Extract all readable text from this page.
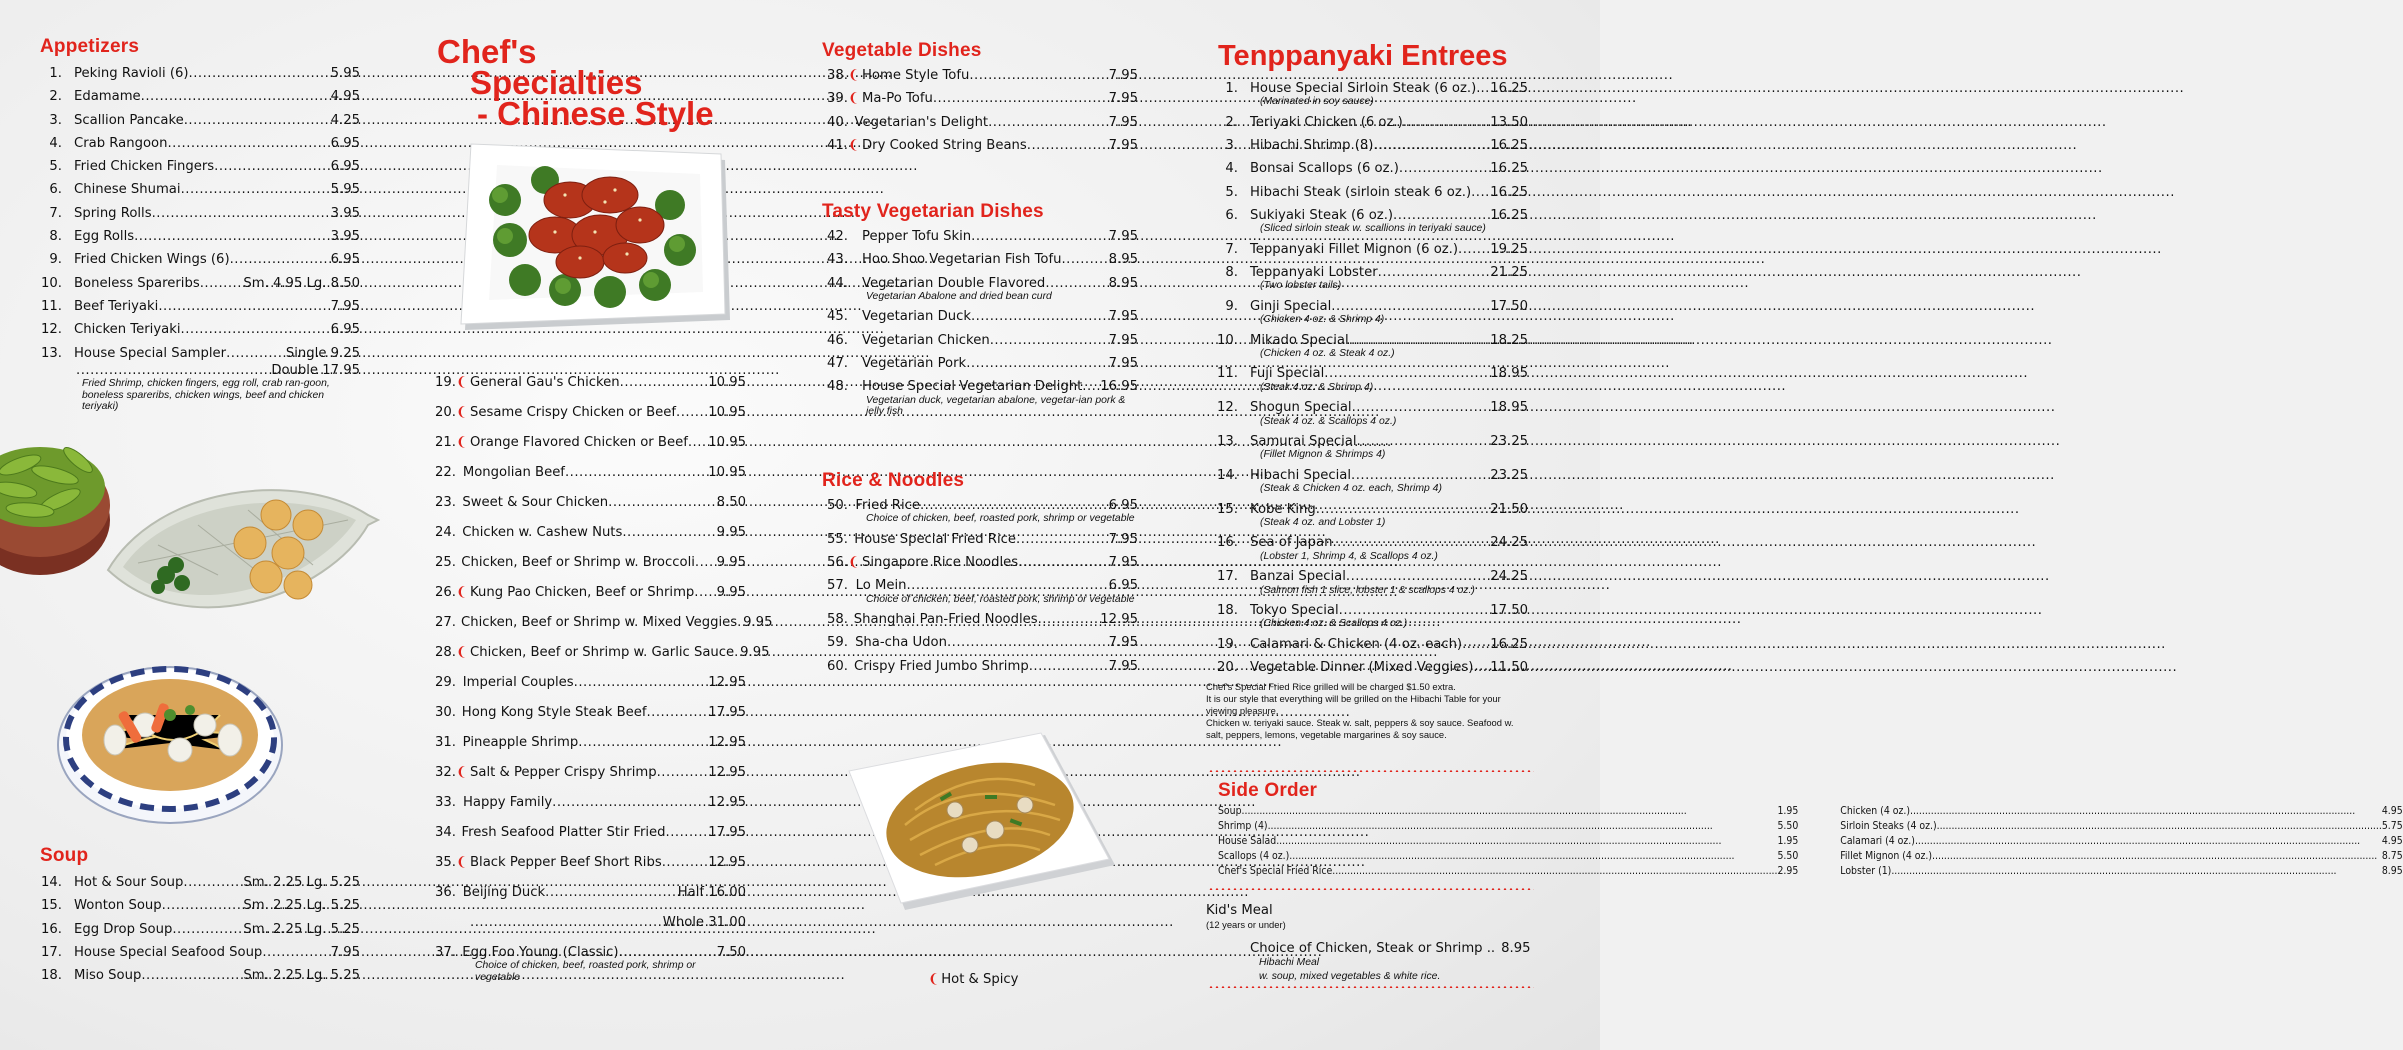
Appetizers
1. Peking Ravioli (6) .....	5.95
2. Edamame .....	4.95
3. Scallion Pancake .....	4.25
4. Crab Rangoon .....	6.95
5. Fried Chicken Fingers .....	6.95
6. Chinese Shumai .....	5.95
7. Spring Rolls .....	3.95
8. Egg Rolls .....	3.95
9. Fried Chicken Wings (6) .....	6.95
10. Boneless Spareribs .....	Sm. 4.95 Lg. 8.50
11. Beef Teriyaki .....	7.95
12. Chicken Teriyaki .....	6.95
13. House Special Sampler .....	Single 9.25
.....
Double 17.95
Fried Shrimp, chicken fingers, egg roll, crab ran-goon, boneless spareribs, chicken wings, beef and chicken teriyaki)
Soup
14. Hot & Sour Soup .....	Sm. 2.25 Lg. 5.25
15. Wonton Soup .....	Sm. 2.25 Lg. 5.25
16. Egg Drop Soup .....	Sm. 2.25 Lg. 5.25
17. House Special Seafood Soup .....	7.95
18. Miso Soup .....	Sm. 2.25 Lg. 5.25
Chef's
Specialties
- Chinese Style
19. ❨ General Gau's Chicken .....	10.95
20. ❨ Sesame Crispy Chicken or Beef ..... 10.95
21. ❨ Orange Flavored Chicken or Beef ..... 10.95
22. Mongolian Beef .....	10.95
23. Sweet & Sour Chicken .....	8.50
24. Chicken w. Cashew Nuts .....	9.95
25. Chicken, Beef or Shrimp w. Broccoli ..... 9.95
26. ❨ Kung Pao Chicken, Beef or Shrimp ..... 9.95
27. Chicken, Beef or Shrimp w. Mixed Veggies ..... 9.95
28. ❨ Chicken, Beef or Shrimp w. Garlic Sauce ..... 9.95
29. Imperial Couples .....	12.95
30. Hong Kong Style Steak Beef .....	17.95
31. Pineapple Shrimp .....	12.95
32. ❨ Salt & Pepper Crispy Shrimp .....	12.95
33. Happy Family .....	12.95
34. Fresh Seafood Platter Stir Fried .....	17.95
35. ❨ Black Pepper Beef Short Ribs .....	12.95
36. Beijing Duck .....	Half 16.00
.....
Whole 31.00
37. Egg Foo Young (Classic) .....	7.50
Choice of chicken, beef, roasted pork, shrimp or vegetable
Vegetable Dishes
38. ❨ Home Style Tofu .....	7.95
39. ❨ Ma-Po Tofu .....	7.95
40. Vegetarian's Delight .....	7.95
41. ❨ Dry Cooked String Beans .....	7.95
Tasty Vegetarian Dishes
42.	Pepper Tofu Skin .....	7.95
43.	Hoo Shoo Vegetarian Fish Tofu .....	8.95
44.	Vegetarian Double Flavored .....	8.95
Vegetarian Abalone and dried bean curd
45.	Vegetarian Duck .....	7.95
46.	Vegetarian Chicken .....	7.95
47.	Vegetarian Pork .....	7.95
48.	House Special Vegetarian Delight ..... 16.95
Vegetarian duck, vegetarian abalone, vegetar-ian pork & jelly fish
Rice & Noodles
50. Fried Rice .....	6.95
Choice of chicken, beef, roasted pork, shrimp or vegetable
55. House Special Fried Rice .....	7.95
56. ❨ Singapore Rice Noodles .....	7.95
57. Lo Mein .....	6.95
Choice of chicken, beef, roasted pork, shrimp or vegetable
58. Shanghai Pan-Fried Noodles .....	12.95
59. Sha-cha Udon .....	7.95
60. Crispy Fried Jumbo Shrimp .....	7.95
❨ Hot & Spicy
Tenppanyaki Entrees
1. House Special Sirloin Steak (6 oz.). ..... 16.25
(Marinated in soy sauce)
2. Teriyaki Chicken (6 oz.) .....	13.50
3. Hibachi Shrimp (8) .....	16.25
4. Bonsai Scallops (6 oz.) .....	16.25
5. Hibachi Steak (sirloin steak 6 oz.) ..... 16.25
6. Sukiyaki Steak (6 oz.) .....	16.25
(Sliced sirloin steak w. scallions in teriyaki sauce)
7. Teppanyaki Fillet Mignon (6 oz.) ..... 19.25
8. Teppanyaki Lobster .....	21.25
(Two lobster tails)
9. Ginji Special .....	17.50
(Chicken 4 oz. & Shrimp 4)
10. Mikado Special .....	18.25
(Chicken 4 oz. & Steak 4 oz.)
11. Fuji Special .....	18.95
(Steak 4 oz. & Shrimp 4)
12. Shogun Special .....	18.95
(Steak 4 oz. & Scallops 4 oz.)
13. Samurai Special .....	23.25
(Fillet Mignon & Shrimps 4)
14. Hibachi Special .....	23.25
(Steak & Chicken 4 oz. each, Shrimp 4)
15. Kobe King .....	21.50
(Steak 4 oz. and Lobster 1)
16. Sea of Japan .....	24.25
(Lobster 1, Shrimp 4, & Scallops 4 oz.)
17. Banzai Special .....	24.25
(Salmon fish 1 slice, lobster 1 & scallops 4 oz.)
18. Tokyo Special .....	17.50
(Chicken 4 oz. & Scallops 4 oz.)
19. Calamari & Chicken (4 oz. each) ..... 16.25
20. Vegetable Dinner (Mixed Veggies) ..... 11.50
Chef's Special Fried Rice grilled will be charged $1.50 extra.
It is our style that everything will be grilled on the Hibachi Table for your viewing pleasure.
Chicken w. teriyaki sauce. Steak w. salt, peppers & soy sauce. Seafood w. salt, peppers, lemons, vegetable margarines & soy sauce.
Side Order
Soup .....	1.95
Shrimp (4) .....	5.50
House Salad .....	1.95
Scallops (4 oz.) .....	5.50
Chef's Special Fried Rice .....	2.95
Chicken (4 oz.) .....	4.95
Sirloin Steaks (4 oz.) .....	5.75
Calamari (4 oz.) .....	4.95
Fillet Mignon (4 oz.) .....	8.75
Lobster (1) .....	8.95
Kid's Meal
(12 years or under)
Choice of Chicken, Steak or Shrimp .. 8.95
Hibachi Meal
w. soup, mixed vegetables & white rice.
